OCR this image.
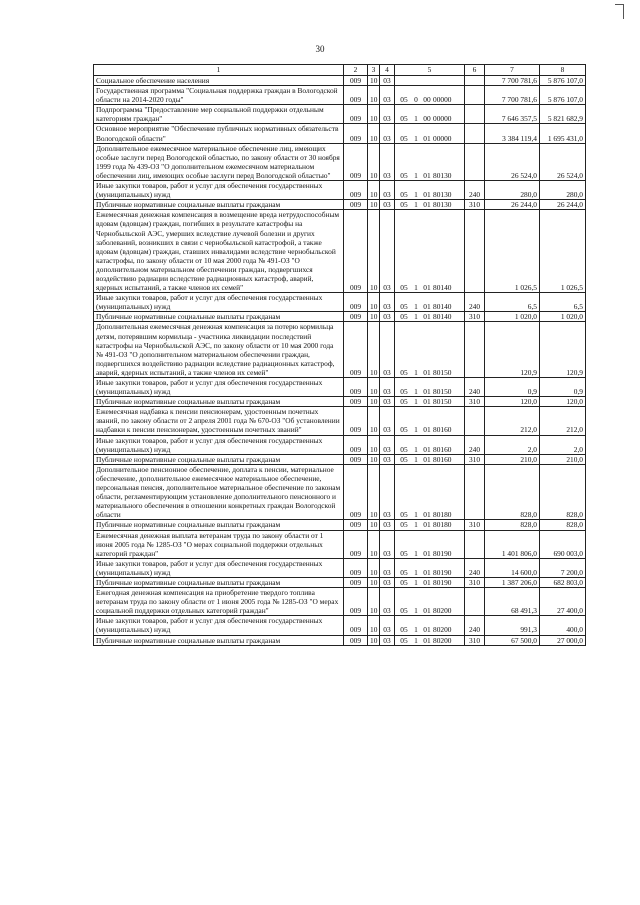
30
1	2	3	4	5	6	7	8
Социальное обеспечение населения	009	10	03			7 700 781,6	5 876 107,0
Государственная программа "Социальная поддержка граждан в Вологодской области на 2014-2020 годы"	009	10	03	05 0 00 00000		7 700 781,6	5 876 107,0
Подпрограмма "Предоставление мер социальной поддержки отдельным категориям граждан"	009	10	03	05 1 00 00000		7 646 357,5	5 821 682,9
Основное мероприятие "Обеспечение публичных нормативных обязательств Вологодской области"	009	10	03	05 1 01 00000		3 384 119,4	1 695 431,0
Дополнительное ежемесячное материальное обеспечение лиц, имеющих особые заслуги перед Вологодской областью, по закону области от 30 ноября 1999 года № 439-ОЗ "О дополнительном ежемесячном материальном обеспечении лиц, имеющих особые заслуги перед Вологодской областью"	009	10	03	05 1 01 80130		26 524,0	26 524,0
Иные закупки товаров, работ и услуг для обеспечения государственных (муниципальных) нужд	009	10	03	05 1 01 80130	240	280,0	280,0
Публичные нормативные социальные выплаты гражданам	009	10	03	05 1 01 80130	310	26 244,0	26 244,0
Ежемесячная денежная компенсация в возмещение вреда нетрудоспособным вдовам (вдовцам) граждан, погибших в результате катастрофы на Чернобыльской АЭС, умерших вследствие лучевой болезни и других заболеваний, возникших в связи с чернобыльской катастрофой, а также вдовам (вдовцам) граждан, ставших инвалидами вследствие чернобыльской катастрофы, по закону области от 10 мая 2000 года № 491-ОЗ "О дополнительном материальном обеспечении граждан, подвергшихся воздействию радиации вследствие радиационных катастроф, аварий, ядерных испытаний, а также членов их семей"	009	10	03	05 1 01 80140		1 026,5	1 026,5
Иные закупки товаров, работ и услуг для обеспечения государственных (муниципальных) нужд	009	10	03	05 1 01 80140	240	6,5	6,5
Публичные нормативные социальные выплаты гражданам	009	10	03	05 1 01 80140	310	1 020,0	1 020,0
Дополнительная ежемесячная денежная компенсация за потерю кормильца детям, потерявшим кормильца - участника ликвидации последствий катастрофы на Чернобыльской АЭС, по закону области от 10 мая 2000 года № 491-ОЗ "О дополнительном материальном обеспечении граждан, подвергшихся воздействию радиации вследствие радиационных катастроф, аварий, ядерных испытаний, а также членов их семей"	009	10	03	05 1 01 80150		120,9	120,9
Иные закупки товаров, работ и услуг для обеспечения государственных (муниципальных) нужд	009	10	03	05 1 01 80150	240	0,9	0,9
Публичные нормативные социальные выплаты гражданам	009	10	03	05 1 01 80150	310	120,0	120,0
Ежемесячная надбавка к пенсии пенсионерам, удостоенным почетных званий, по закону области от 2 апреля 2001 года № 670-ОЗ "Об установлении надбавки к пенсии пенсионерам, удостоенным почетных званий"	009	10	03	05 1 01 80160		212,0	212,0
Иные закупки товаров, работ и услуг для обеспечения государственных (муниципальных) нужд	009	10	03	05 1 01 80160	240	2,0	2,0
Публичные нормативные социальные выплаты гражданам	009	10	03	05 1 01 80160	310	210,0	210,0
Дополнительное пенсионное обеспечение, доплата к пенсии, материальное обеспечение, дополнительное ежемесячное материальное обеспечение, персональная пенсия, дополнительное материальное обеспечение по законам области, регламентирующим установление дополнительного пенсионного и материального обеспечения в отношении конкретных граждан Вологодской области	009	10	03	05 1 01 80180		828,0	828,0
Публичные нормативные социальные выплаты гражданам	009	10	03	05 1 01 80180	310	828,0	828,0
Ежемесячная денежная выплата ветеранам труда по закону области от 1 июня 2005 года № 1285-ОЗ "О мерах социальной поддержки отдельных категорий граждан"	009	10	03	05 1 01 80190		1 401 806,0	690 003,0
Иные закупки товаров, работ и услуг для обеспечения государственных (муниципальных) нужд	009	10	03	05 1 01 80190	240	14 600,0	7 200,0
Публичные нормативные социальные выплаты гражданам	009	10	03	05 1 01 80190	310	1 387 206,0	682 803,0
Ежегодная денежная компенсация на приобретение твердого топлива ветеранам труда по закону области от 1 июня 2005 года № 1285-ОЗ "О мерах социальной поддержки отдельных категорий граждан"	009	10	03	05 1 01 80200		68 491,3	27 400,0
Иные закупки товаров, работ и услуг для обеспечения государственных (муниципальных) нужд	009	10	03	05 1 01 80200	240	991,3	400,0
Публичные нормативные социальные выплаты гражданам	009	10	03	05 1 01 80200	310	67 500,0	27 000,0
